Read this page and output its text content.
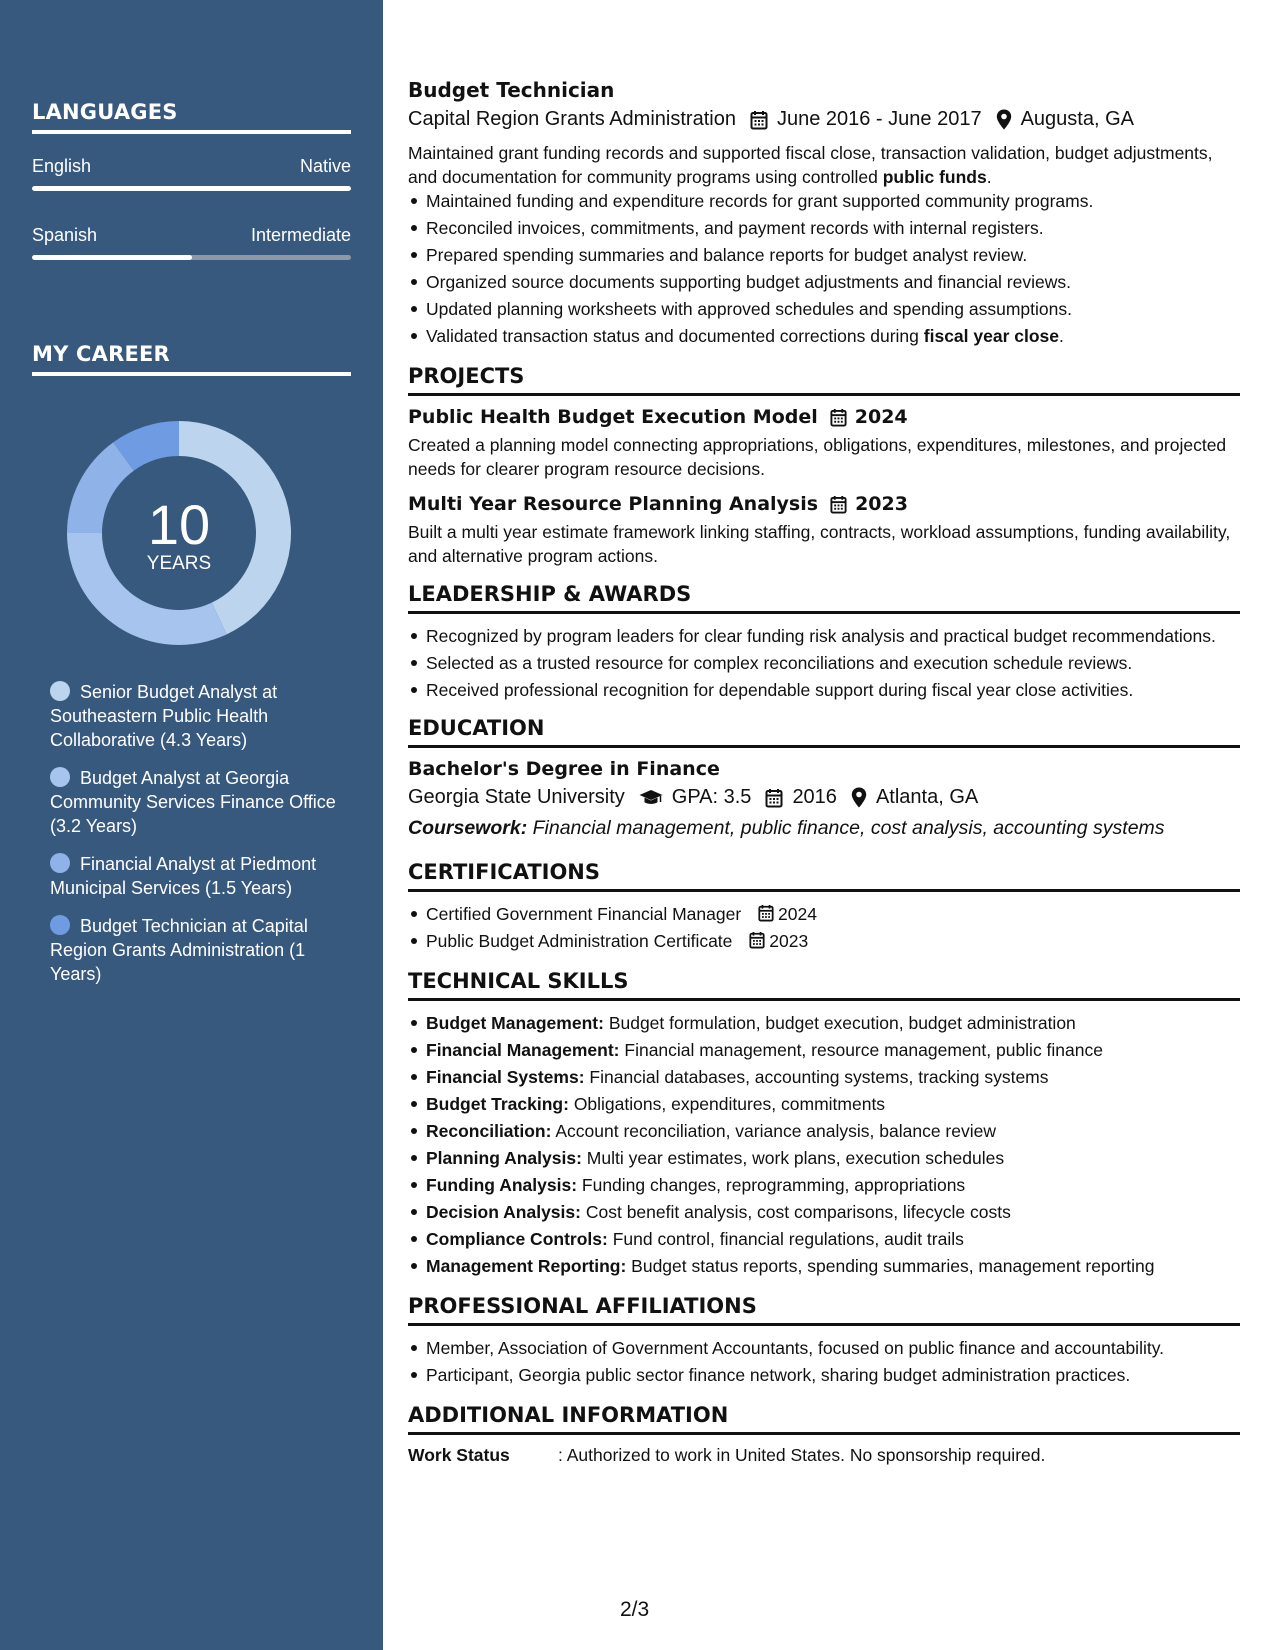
LANGUAGES
English	Native
Spanish	Intermediate
MY CAREER
10
YEARS
Senior Budget Analyst at Southeastern Public Health Collaborative (4.3 Years)
Budget Analyst at Georgia Community Services Finance Office (3.2 Years)
Financial Analyst at Piedmont Municipal Services (1.5 Years)
Budget Technician at Capital Region Grants Administration (1 Years)
Budget Technician
Capital Region Grants Administration June 2016 - June 2017 Augusta, GA

Maintained grant funding records and supported fiscal close, transaction validation, budget adjustments, and documentation for community programs using controlled public funds.

Maintained funding and expenditure records for grant supported community programs.
Reconciled invoices, commitments, and payment records with internal registers.
Prepared spending summaries and balance reports for budget analyst review.
Organized source documents supporting budget adjustments and financial reviews.
Updated planning worksheets with approved schedules and spending assumptions.
Validated transaction status and documented corrections during fiscal year close.
PROJECTS
Public Health Budget Execution Model 2024

Created a planning model connecting appropriations, obligations, expenditures, milestones, and projected needs for clearer program resource decisions.

Multi Year Resource Planning Analysis 2023

Built a multi year estimate framework linking staffing, contracts, workload assumptions, funding availability, and alternative program actions.

LEADERSHIP & AWARDS
Recognized by program leaders for clear funding risk analysis and practical budget recommendations.
Selected as a trusted resource for complex reconciliations and execution schedule reviews.
Received professional recognition for dependable support during fiscal year close activities.
EDUCATION
Bachelor's Degree in Finance
Georgia State University GPA: 3.5 2016 Atlanta, GA
Coursework: Financial management, public finance, cost analysis, accounting systems
CERTIFICATIONS
Certified Government Financial Manager 2024
Public Budget Administration Certificate 2023
TECHNICAL SKILLS
Budget Management: Budget formulation, budget execution, budget administration
Financial Management: Financial management, resource management, public finance
Financial Systems: Financial databases, accounting systems, tracking systems
Budget Tracking: Obligations, expenditures, commitments
Reconciliation: Account reconciliation, variance analysis, balance review
Planning Analysis: Multi year estimates, work plans, execution schedules
Funding Analysis: Funding changes, reprogramming, appropriations
Decision Analysis: Cost benefit analysis, cost comparisons, lifecycle costs
Compliance Controls: Fund control, financial regulations, audit trails
Management Reporting: Budget status reports, spending summaries, management reporting
PROFESSIONAL AFFILIATIONS
Member, Association of Government Accountants, focused on public finance and accountability.
Participant, Georgia public sector finance network, sharing budget administration practices.
ADDITIONAL INFORMATION
Work Status	: Authorized to work in United States. No sponsorship required.
2/3
